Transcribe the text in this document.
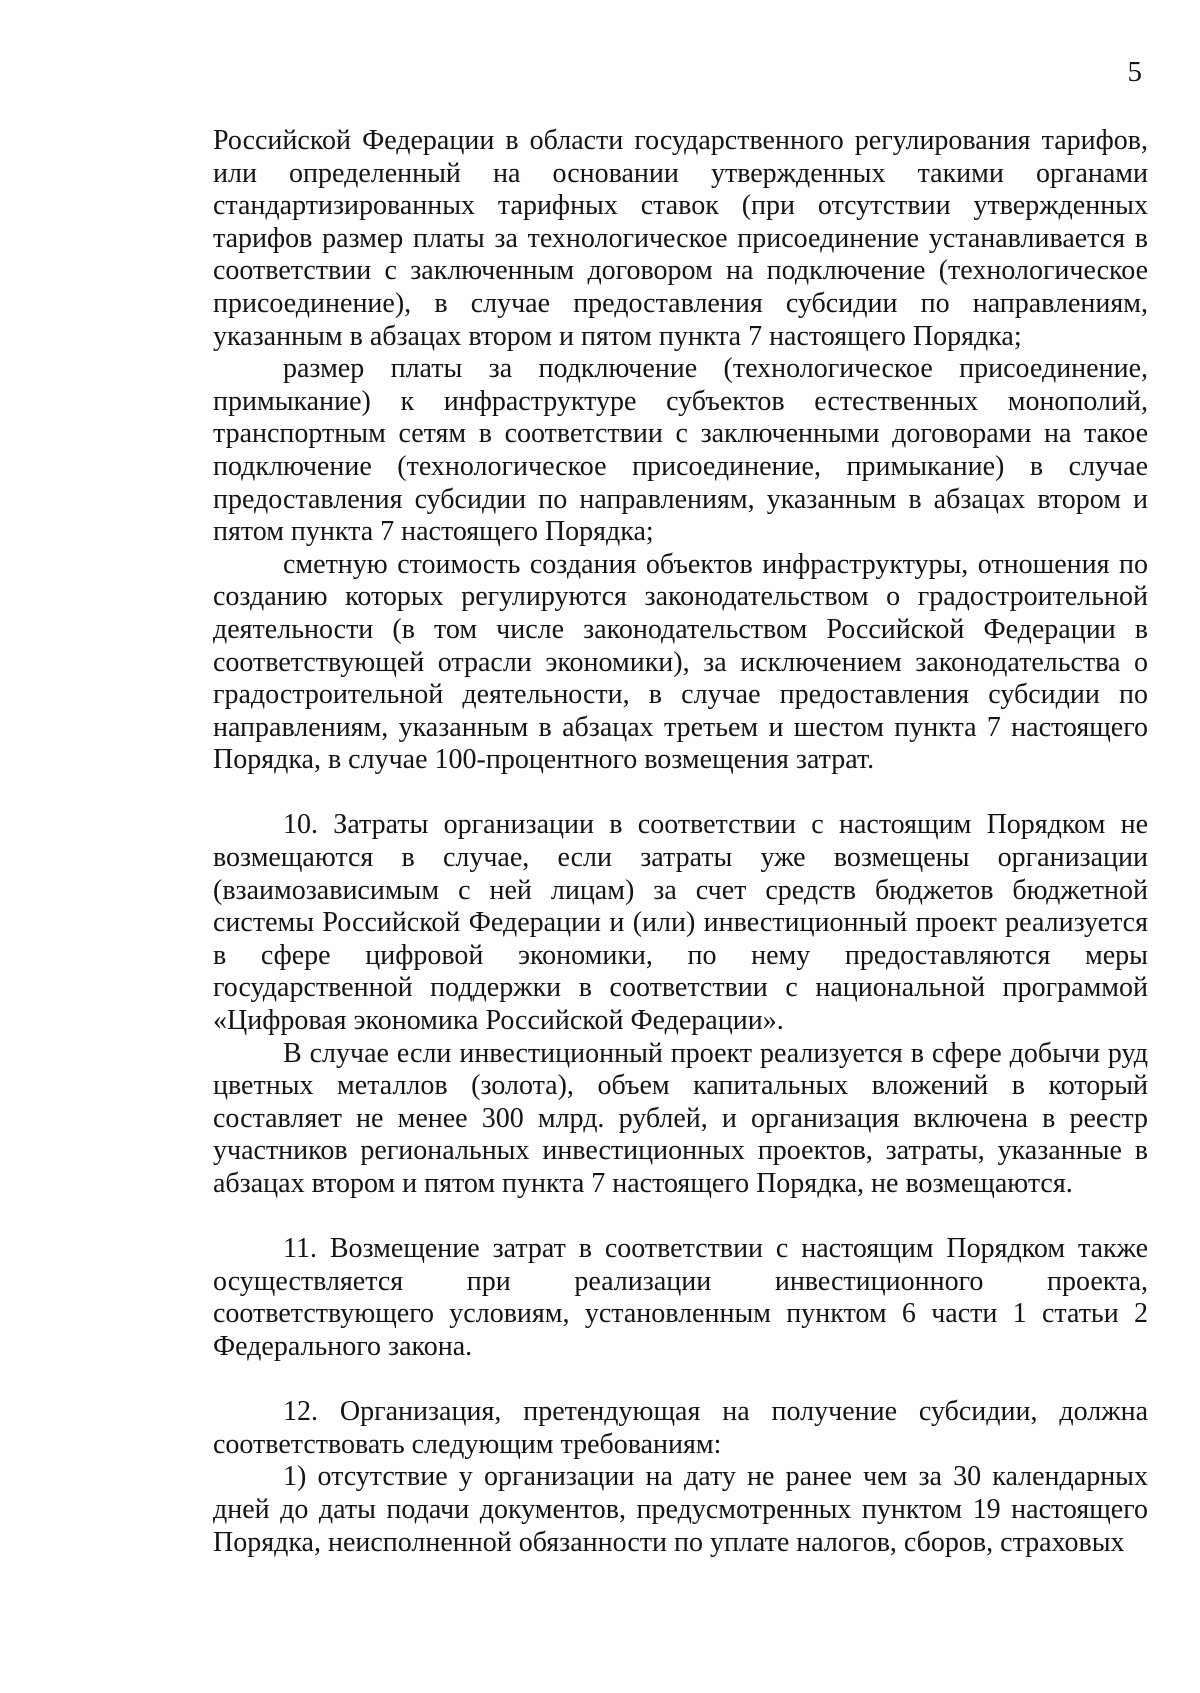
5

Российской Федерации в области государственного регулирования тарифов, или определенный на основании утвержденных такими органами стандартизированных тарифных ставок (при отсутствии утвержденных тарифов размер платы за технологическое присоединение устанавливается в соответствии с заключенным договором на подключение (технологическое присоединение), в случае предоставления субсидии по направлениям, указанным в абзацах втором и пятом пункта 7 настоящего Порядка;

размер платы за подключение (технологическое присоединение, примыкание) к инфраструктуре субъектов естественных монополий, транспортным сетям в соответствии с заключенными договорами на такое подключение (технологическое присоединение, примыкание) в случае предоставления субсидии по направлениям, указанным в абзацах втором и пятом пункта 7 настоящего Порядка;

сметную стоимость создания объектов инфраструктуры, отношения по созданию которых регулируются законодательством о градостроительной деятельности (в том числе законодательством Российской Федерации в соответствующей отрасли экономики), за исключением законодательства о градостроительной деятельности, в случае предоставления субсидии по направлениям, указанным в абзацах третьем и шестом пункта 7 настоящего Порядка, в случае 100-процентного возмещения затрат.

10. Затраты организации в соответствии с настоящим Порядком не возмещаются в случае, если затраты уже возмещены организации (взаимозависимым с ней лицам) за счет средств бюджетов бюджетной системы Российской Федерации и (или) инвестиционный проект реализуется в сфере цифровой экономики, по нему предоставляются меры государственной поддержки в соответствии с национальной программой «Цифровая экономика Российской Федерации».

В случае если инвестиционный проект реализуется в сфере добычи руд цветных металлов (золота), объем капитальных вложений в который составляет не менее 300 млрд. рублей, и организация включена в реестр участников региональных инвестиционных проектов, затраты, указанные в абзацах втором и пятом пункта 7 настоящего Порядка, не возмещаются.

11. Возмещение затрат в соответствии с настоящим Порядком также осуществляется при реализации инвестиционного проекта, соответствующего условиям, установленным пунктом 6 части 1 статьи 2 Федерального закона.

12. Организация, претендующая на получение субсидии, должна соответствовать следующим требованиям:

1) отсутствие у организации на дату не ранее чем за 30 календарных дней до даты подачи документов, предусмотренных пунктом 19 настоящего Порядка, неисполненной обязанности по уплате налогов, сборов, страховых
